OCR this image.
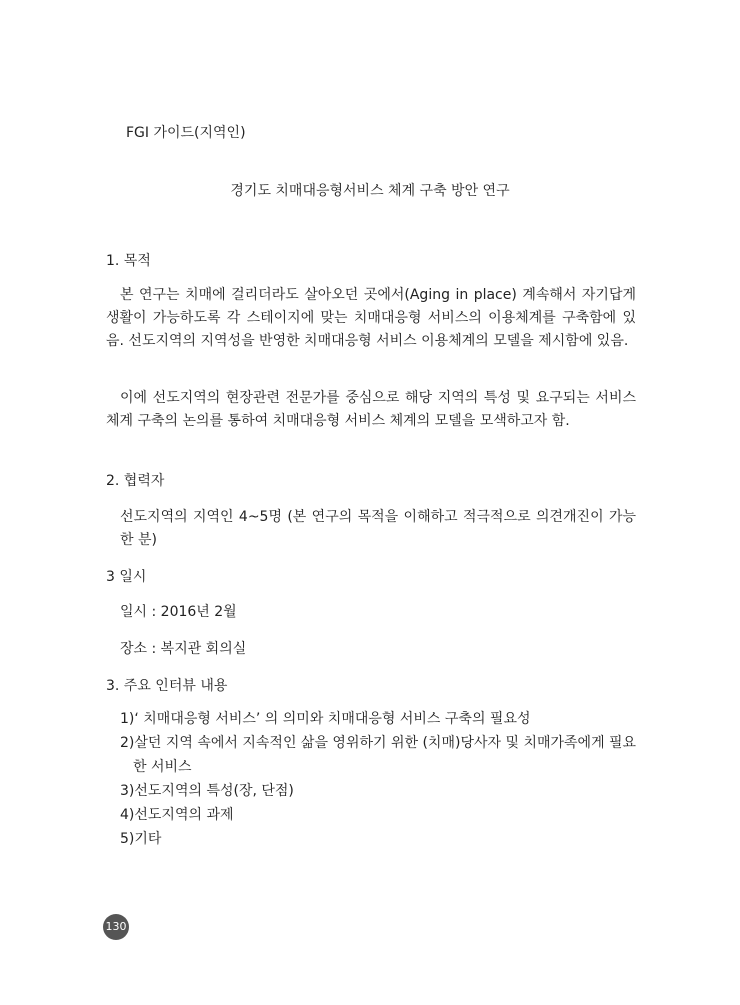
FGI 가이드(지역인)
경기도 치매대응형서비스 체계 구축 방안 연구
1. 목적
본 연구는 치매에 걸리더라도 살아오던 곳에서(Aging in place) 계속해서 자기답게 생활이 가능하도록 각 스테이지에 맞는 치매대응형 서비스의 이용체계를 구축함에 있음. 선도지역의 지역성을 반영한 치매대응형 서비스 이용체계의 모델을 제시함에 있음.
이에 선도지역의 현장관련 전문가를 중심으로 해당 지역의 특성 및 요구되는 서비스 체계 구축의 논의를 통하여 치매대응형 서비스 체계의 모델을 모색하고자 함.
2. 협력자
선도지역의 지역인 4~5명 (본 연구의 목적을 이해하고 적극적으로 의견개진이 가능한 분)
3 일시
일시 : 2016년 2월
장소 : 복지관 회의실
3. 주요 인터뷰 내용
1)‘ 치매대응형 서비스’ 의 의미와 치매대응형 서비스 구축의 필요성
2)살던 지역 속에서 지속적인 삶을 영위하기 위한 (치매)당사자 및 치매가족에게 필요
한 서비스
3)선도지역의 특성(장, 단점)
4)선도지역의 과제
5)기타
130
